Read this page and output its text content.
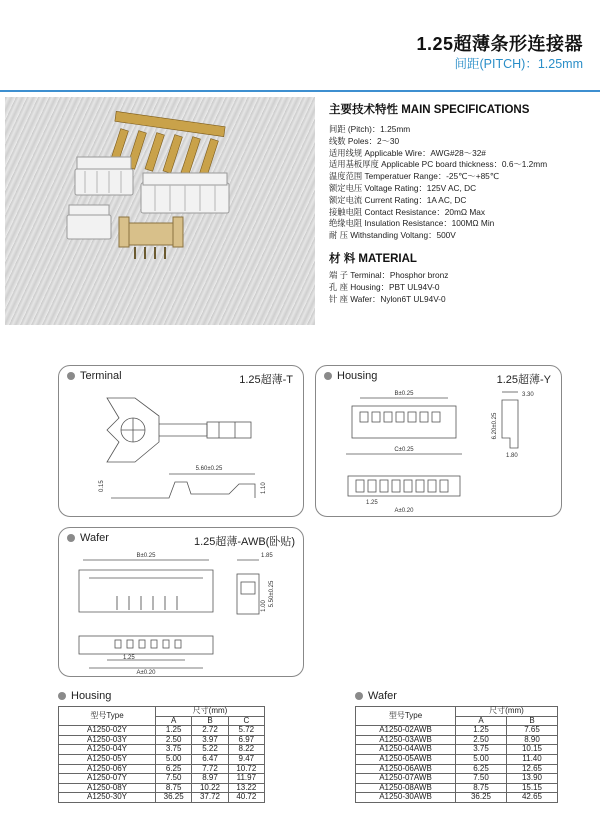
1.25超薄条形连接器
间距(PITCH)：1.25mm
主要技术特性 MAIN SPECIFICATIONS
间距 (Pitch)：1.25mm
线数 Poles：2～30
适用线规 Applicable Wire：AWG#28～32#
适用基板厚度 Applicable PC board thickness：0.6～1.2mm
温度范围 Temperatuer Range：-25℃～+85℃
额定电压 Voltage Rating：125V AC, DC
额定电流 Current Rating：1A AC, DC
接触电阻 Contact Resistance：20mΩ Max
绝缘电阻 Insulation Resistance：100MΩ Min
耐 压 Withstanding Voltang：500V
材 料 MATERIAL
端 子 Terminal：Phosphor bronz
孔 座 Housing：PBT UL94V-0
针 座 Wafer：Nylon6T UL94V-0
Terminal	1.25超薄-T
5.60±0.25
0.15	1.10
Housing	1.25超薄-Y
B±0.25	3.30
6.20±0.25
C±0.25
1.80
1.25
A±0.20
Wafer	1.25超薄-AWB(卧贴)
B±0.25	1.85
5.50±0.25
1.00
1.25
A±0.20
Housing
型号Type	尺寸(mm)		
	A	B	C
A1250-02Y	1.25	2.72	5.72
A1250-03Y	2.50	3.97	6.97
A1250-04Y	3.75	5.22	8.22
A1250-05Y	5.00	6.47	9.47
A1250-06Y	6.25	7.72	10.72
A1250-07Y	7.50	8.97	11.97
A1250-08Y	8.75	10.22	13.22
A1250-30Y	36.25	37.72	40.72
Wafer
型号Type	尺寸(mm)	
	A	B
A1250-02AWB	1.25	7.65
A1250-03AWB	2.50	8.90
A1250-04AWB	3.75	10.15
A1250-05AWB	5.00	11.40
A1250-06AWB	6.25	12.65
A1250-07AWB	7.50	13.90
A1250-08AWB	8.75	15.15
A1250-30AWB	36.25	42.65
